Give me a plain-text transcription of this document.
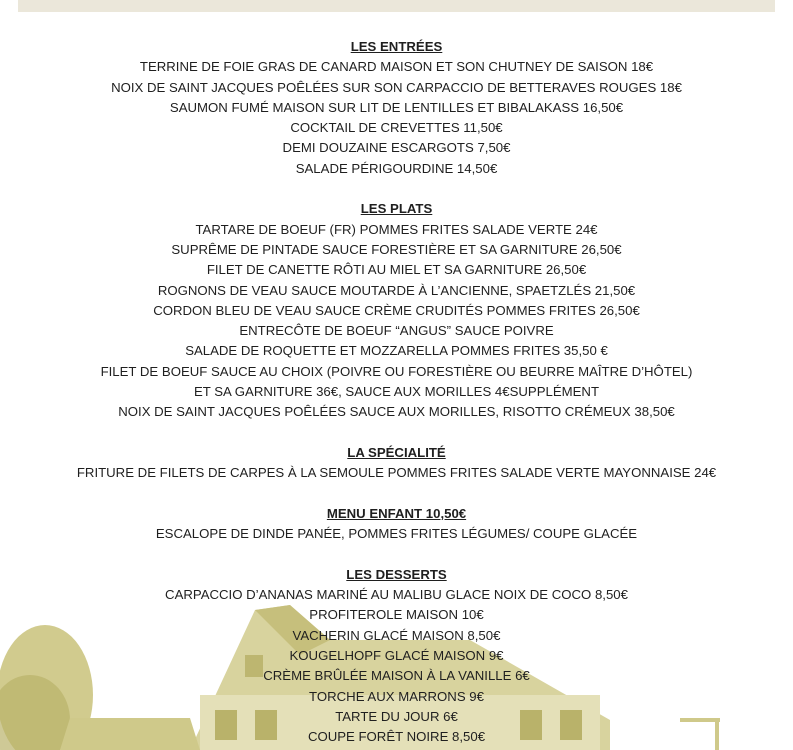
LES ENTRÉES

TERRINE DE FOIE GRAS DE CANARD MAISON ET SON CHUTNEY DE SAISON 18€

NOIX DE SAINT JACQUES POÊLÉES SUR SON CARPACCIO DE BETTERAVES ROUGES 18€

SAUMON FUMÉ MAISON SUR LIT DE LENTILLES ET BIBALAKASS 16,50€

COCKTAIL DE CREVETTES 11,50€

DEMI DOUZAINE ESCARGOTS 7,50€

SALADE PÉRIGOURDINE 14,50€

LES PLATS

TARTARE DE BOEUF (FR) POMMES FRITES SALADE VERTE 24€

SUPRÊME DE PINTADE SAUCE FORESTIÈRE ET SA GARNITURE 26,50€

FILET DE CANETTE RÔTI AU MIEL ET SA GARNITURE 26,50€

ROGNONS DE VEAU SAUCE MOUTARDE À L’ANCIENNE, SPAETZLÉS 21,50€

CORDON BLEU DE VEAU SAUCE CRÈME CRUDITÉS POMMES FRITES 26,50€

ENTRECÔTE DE BOEUF “ANGUS” SAUCE POIVRE

SALADE DE ROQUETTE ET MOZZARELLA POMMES FRITES 35,50 €

FILET DE BOEUF SAUCE AU CHOIX (POIVRE OU FORESTIÈRE OU BEURRE MAÎTRE D’HÔTEL)

ET SA GARNITURE 36€, SAUCE AUX MORILLES 4€SUPPLÉMENT

NOIX DE SAINT JACQUES POÊLÉES SAUCE AUX MORILLES, RISOTTO CRÉMEUX 38,50€

LA SPÉCIALITÉ

FRITURE DE FILETS DE CARPES À LA SEMOULE POMMES FRITES SALADE VERTE MAYONNAISE 24€

MENU ENFANT 10,50€

ESCALOPE DE DINDE PANÉE, POMMES FRITES LÉGUMES/ COUPE GLACÉE

LES DESSERTS

CARPACCIO D’ANANAS MARINÉ AU MALIBU GLACE NOIX DE COCO 8,50€

PROFITEROLE MAISON 10€

VACHERIN GLACÉ MAISON 8,50€

KOUGELHOPF GLACÉ MAISON 9€

CRÈME BRÛLÉE MAISON À LA VANILLE 6€

TORCHE AUX MARRONS 9€

TARTE DU JOUR 6€

COUPE FORÊT NOIRE 8,50€
